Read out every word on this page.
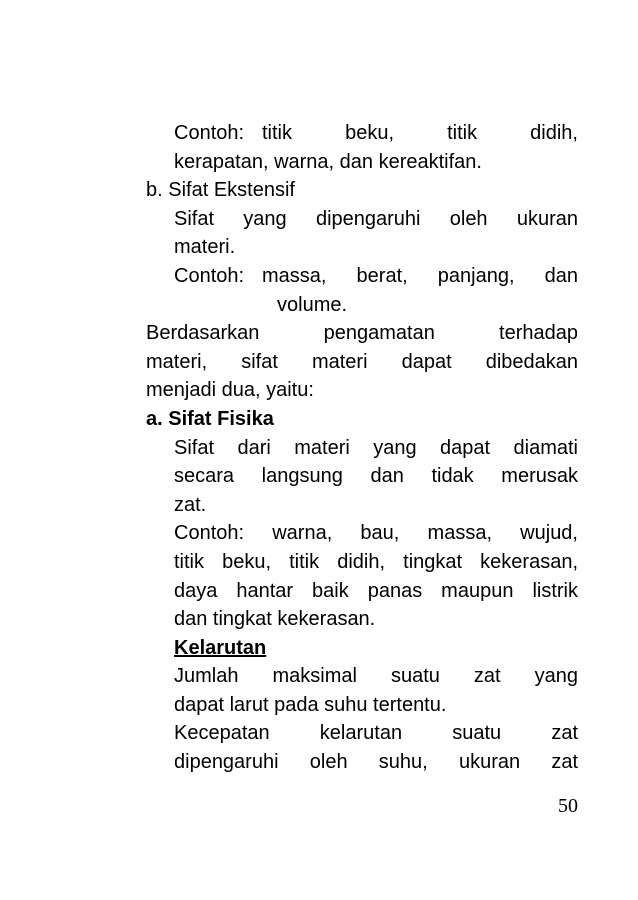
Contoh: titik beku, titik didih,
kerapatan, warna, dan kereaktifan.
b. Sifat Ekstensif
Sifat yang dipengaruhi oleh ukuran
materi.
Contoh: massa, berat, panjang, dan
volume.
Berdasarkan pengamatan terhadap
materi, sifat materi dapat dibedakan
menjadi dua, yaitu:
a. Sifat Fisika
Sifat dari materi yang dapat diamati
secara langsung dan tidak merusak
zat.
Contoh: warna, bau, massa, wujud,
titik beku, titik didih, tingkat kekerasan,
daya hantar baik panas maupun listrik
dan tingkat kekerasan.
Kelarutan
Jumlah maksimal suatu zat yang
dapat larut pada suhu tertentu.
Kecepatan kelarutan suatu zat
dipengaruhi oleh suhu, ukuran zat
50
